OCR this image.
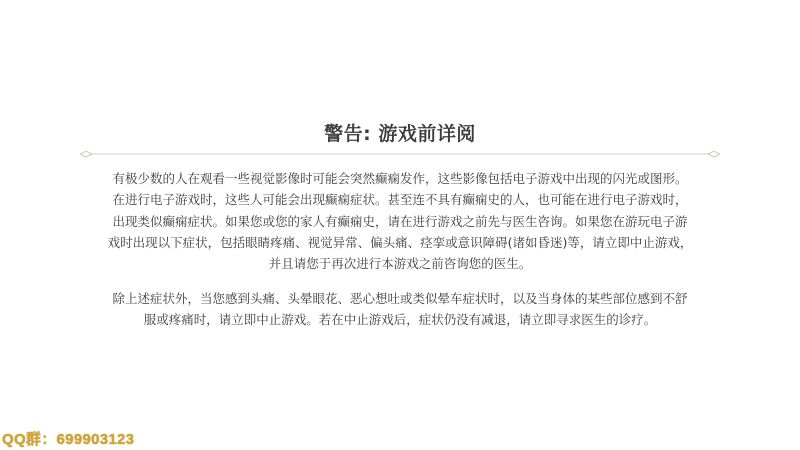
警告: 游戏前详阅
有极少数的人在观看一些视觉影像时可能会突然癫痫发作，这些影像包括电子游戏中出现的闪光或图形。
在进行电子游戏时，这些人可能会出现癫痫症状。甚至连不具有癫痫史的人，也可能在进行电子游戏时，
出现类似癫痫症状。如果您或您的家人有癫痫史，请在进行游戏之前先与医生咨询。如果您在游玩电子游
戏时出现以下症状，包括眼睛疼痛、视觉异常、偏头痛、痉挛或意识障碍(诸如昏迷)等，请立即中止游戏，
并且请您于再次进行本游戏之前咨询您的医生。
除上述症状外，当您感到头痛、头晕眼花、恶心想吐或类似晕车症状时，以及当身体的某些部位感到不舒
服或疼痛时，请立即中止游戏。若在中止游戏后，症状仍没有减退，请立即寻求医生的诊疗。
QQ群：699903123
